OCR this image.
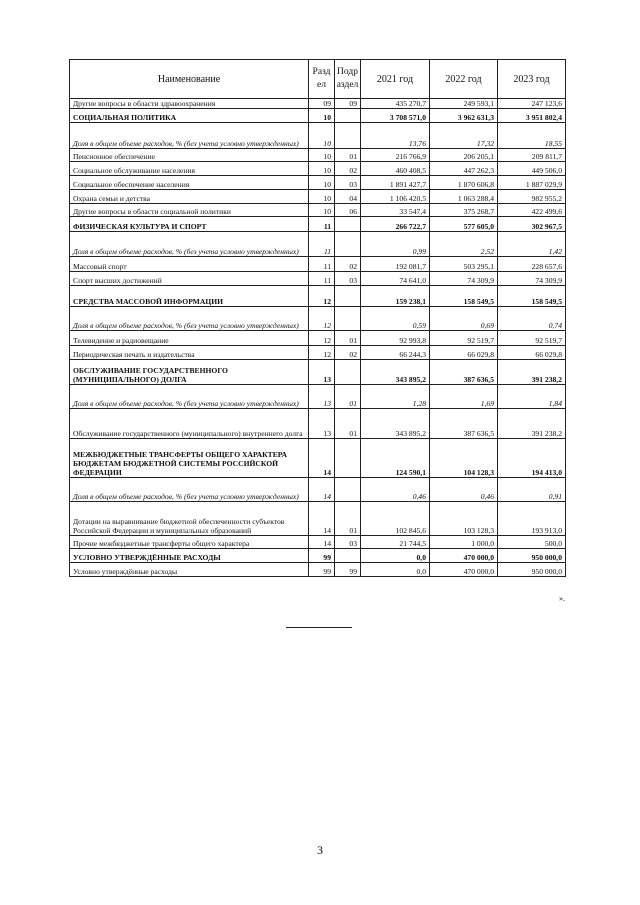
Наименование	Разд ел	Подр аздел	2021 год	2022 год	2023 год
Другие вопросы в области здравоохранения	09	09	435 270,7	249 593,1	247 123,6
СОЦИАЛЬНАЯ ПОЛИТИКА	10		3 708 571,0	3 962 631,3	3 951 802,4
Доля в общем объеме расходов, % (без учета условно утвержденных)	10		13,76	17,32	18,55
Пенсионное обеспечение	10	01	216 766,9	206 205,1	209 811,7
Социальное обслуживание населения	10	02	460 408,5	447 262,3	449 506,0
Социальное обеспечение населения	10	03	1 891 427,7	1 870 606,8	1 887 029,9
Охрана семьи и детства	10	04	1 106 420,5	1 063 288,4	982 955,2
Другие вопросы в области социальной политики	10	06	33 547,4	375 268,7	422 499,6
ФИЗИЧЕСКАЯ КУЛЬТУРА И СПОРТ	11		266 722,7	577 605,0	302 967,5
Доля в общем объеме расходов, % (без учета условно утвержденных)	11		0,99	2,52	1,42
Массовый спорт	11	02	192 081,7	503 295,1	228 657,6
Спорт высших достижений	11	03	74 641,0	74 309,9	74 309,9
СРЕДСТВА МАССОВОЙ ИНФОРМАЦИИ	12		159 238,1	158 549,5	158 549,5
Доля в общем объеме расходов, % (без учета условно утвержденных)	12		0,59	0,69	0,74
Телевидение и радиовещание	12	01	92 993,8	92 519,7	92 519,7
Периодическая печать и издательства	12	02	66 244,3	66 029,8	66 029,8
ОБСЛУЖИВАНИЕ ГОСУДАРСТВЕННОГО (МУНИЦИПАЛЬНОГО) ДОЛГА	13		343 895,2	387 636,5	391 238,2
Доля в общем объеме расходов, % (без учета условно утвержденных)	13	01	1,28	1,69	1,84
Обслуживание государственного (муниципального) внутреннего долга	13	01	343 895,2	387 636,5	391 238,2
МЕЖБЮДЖЕТНЫЕ ТРАНСФЕРТЫ ОБЩЕГО ХАРАКТЕРА БЮДЖЕТАМ БЮДЖЕТНОЙ СИСТЕМЫ РОССИЙСКОЙ ФЕДЕРАЦИИ	14		124 590,1	104 128,3	194 413,0
Доля в общем объеме расходов, % (без учета условно утвержденных)	14		0,46	0,46	0,91
Дотации на выравнивание бюджетной обеспеченности субъектов Российской Федерации и муниципальных образований	14	01	102 845,6	103 128,3	193 913,0
Прочие межбюджетные трансферты общего характера	14	03	21 744,5	1 000,0	500,0
УСЛОВНО УТВЕРЖДЁННЫЕ РАСХОДЫ	99		0,0	470 000,0	950 000,0
Условно утверждённые расходы	99	99	0,0	470 000,0	950 000,0
».
3
